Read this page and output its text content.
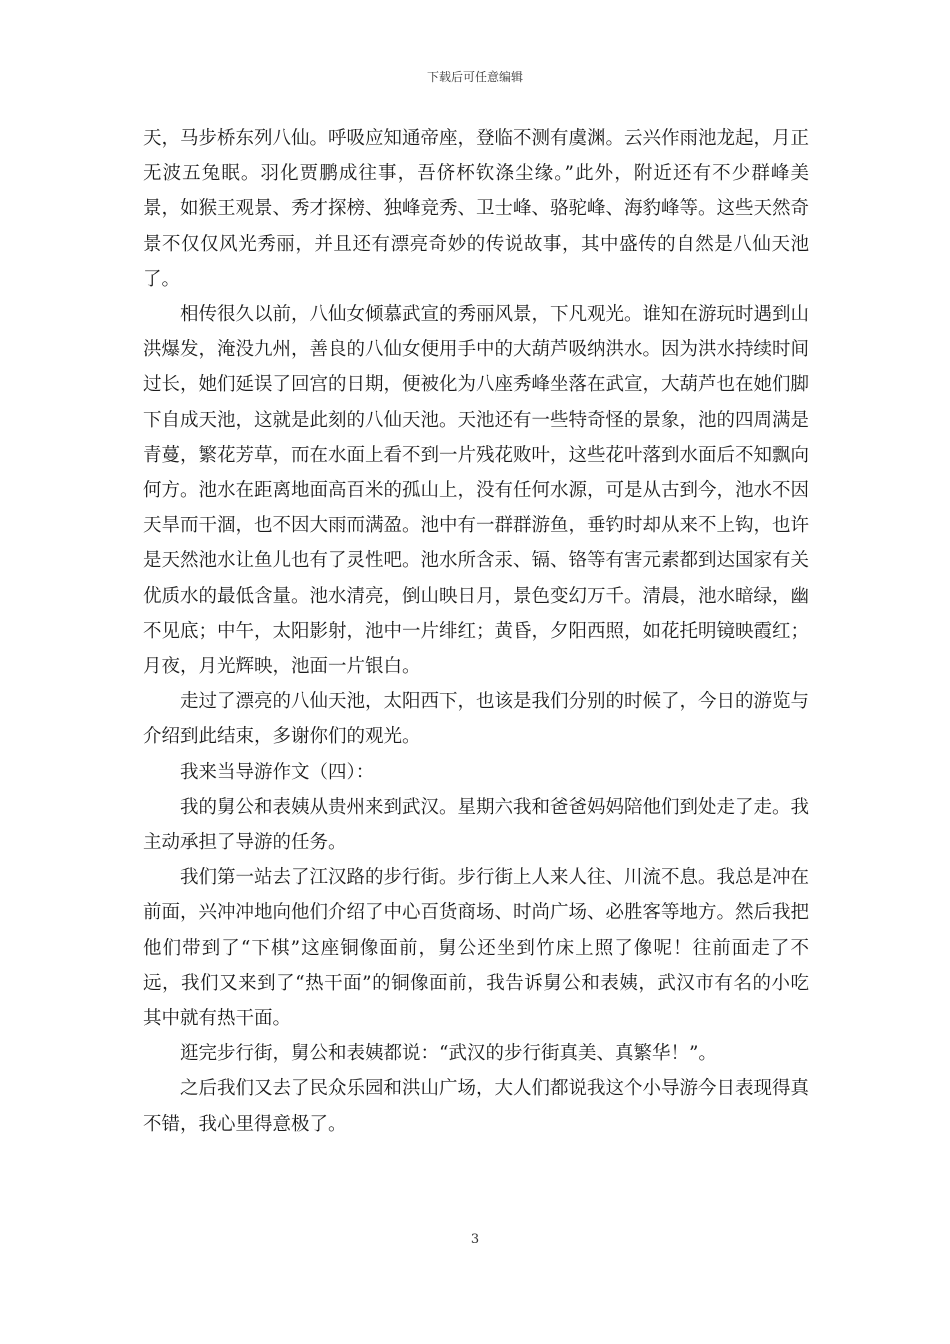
下载后可任意编辑

天，马步桥东列八仙。呼吸应知通帝座，登临不测有虞渊。云兴作雨池龙起，月正无波五兔眠。羽化贾鹏成往事，吾侪杯钦涤尘缘。”此外，附近还有不少群峰美景，如猴王观景、秀才探榜、独峰竞秀、卫士峰、骆驼峰、海豹峰等。这些天然奇景不仅仅风光秀丽，并且还有漂亮奇妙的传说故事，其中盛传的自然是八仙天池了。

相传很久以前，八仙女倾慕武宣的秀丽风景，下凡观光。谁知在游玩时遇到山洪爆发，淹没九州，善良的八仙女便用手中的大葫芦吸纳洪水。因为洪水持续时间过长，她们延误了回宫的日期，便被化为八座秀峰坐落在武宣，大葫芦也在她们脚下自成天池，这就是此刻的八仙天池。天池还有一些特奇怪的景象，池的四周满是青蔓，繁花芳草，而在水面上看不到一片残花败叶，这些花叶落到水面后不知飘向何方。池水在距离地面高百米的孤山上，没有任何水源，可是从古到今，池水不因天旱而干涸，也不因大雨而满盈。池中有一群群游鱼，垂钓时却从来不上钩，也许是天然池水让鱼儿也有了灵性吧。池水所含汞、镉、铬等有害元素都到达国家有关优质水的最低含量。池水清亮，倒山映日月，景色变幻万千。清晨，池水暗绿，幽不见底；中午，太阳影射，池中一片绯红；黄昏，夕阳西照，如花托明镜映霞红；月夜，月光辉映，池面一片银白。

走过了漂亮的八仙天池，太阳西下，也该是我们分别的时候了，今日的游览与介绍到此结束，多谢你们的观光。

我来当导游作文（四）：

我的舅公和表姨从贵州来到武汉。星期六我和爸爸妈妈陪他们到处走了走。我主动承担了导游的任务。

我们第一站去了江汉路的步行街。步行街上人来人往、川流不息。我总是冲在前面，兴冲冲地向他们介绍了中心百货商场、时尚广场、必胜客等地方。然后我把他们带到了“下棋”这座铜像面前，舅公还坐到竹床上照了像呢！往前面走了不远，我们又来到了“热干面”的铜像面前，我告诉舅公和表姨，武汉市有名的小吃其中就有热干面。

逛完步行街，舅公和表姨都说：“武汉的步行街真美、真繁华！”。

之后我们又去了民众乐园和洪山广场，大人们都说我这个小导游今日表现得真不错，我心里得意极了。

3
